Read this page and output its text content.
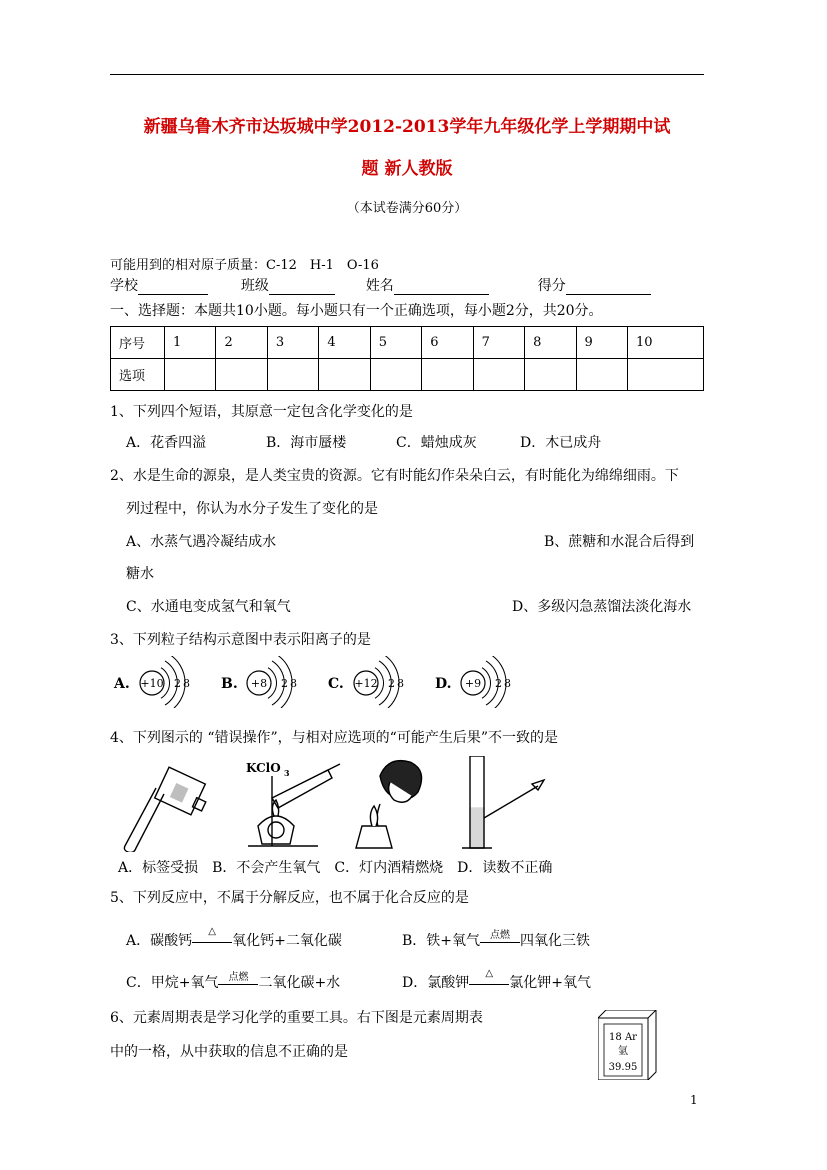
新疆乌鲁木齐市达坂城中学2012-2013学年九年级化学上学期期中试
题 新人教版
（本试卷满分60分）
可能用到的相对原子质量：C-12　H-1　O-16
学校	班级	姓名	得分
一、选择题：本题共10小题。每小题只有一个正确选项，每小题2分，共20分。
序号	1	2	3	4	5	6	7	8	9	10
选项										
1、下列四个短语，其原意一定包含化学变化的是
A．花香四溢	B．海市蜃楼	C．蜡烛成灰	D．木已成舟
2、水是生命的源泉，是人类宝贵的资源。它有时能幻作朵朵白云，有时能化为绵绵细雨。下
列过程中，你认为水分子发生了变化的是
A、水蒸气遇冷凝结成水	B、蔗糖和水混合后得到
糖水
C、水通电变成氢气和氧气	D、多级闪急蒸馏法淡化海水
3、下列粒子结构示意图中表示阳离子的是
A. +10 2 8 B. +8 2 8 C. +12 2 8 D. +9 2 8
4、下列图示的 “错误操作”，与相对应选项的“可能产生后果”不一致的是
KClO 3
A．标签受损　B．不会产生氧气　C．灯内酒精燃烧　D．读数不正确
5、下列反应中，不属于分解反应，也不属于化合反应的是
A．碳酸钙
△
氧化钙+二氧化碳	B．铁+氧气	点燃 四氧化三铁
C．甲烷+氧气	点燃 二氧化碳+水	D．氯酸钾
△
氯化钾+氧气
6、元素周期表是学习化学的重要工具。右下图是元素周期表
中的一格，从中获取的信息不正确的是
18 Ar
氩
39.95
1
